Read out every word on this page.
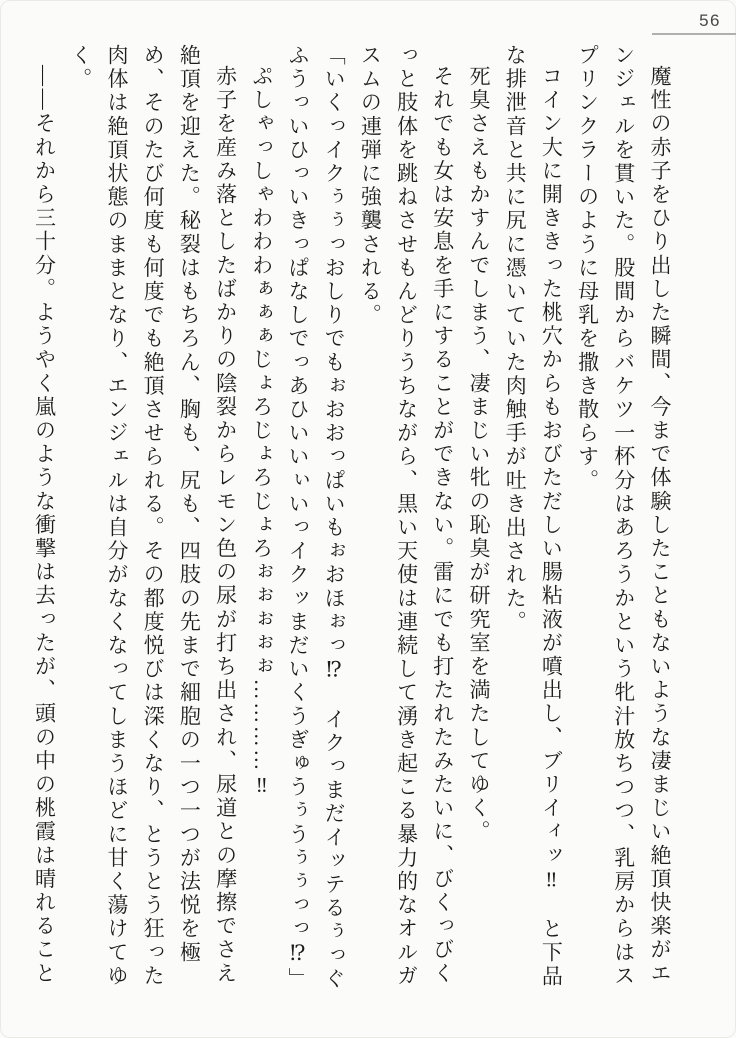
56

魔性の赤子をひり出した瞬間、今まで体験したこともないような凄まじい絶頂快楽がエンジェルを貫いた。股間からバケツ一杯分はあろうかという牝汁放ちつつ、乳房からはスプリンクラーのように母乳を撒き散らす。

コイン大に開ききった桃穴からもおびただしい腸粘液が噴出し、ブリイィッ‼　と下品な排泄音と共に尻に憑いていた肉触手が吐き出された。

死臭さえもかすんでしまう、凄まじい牝の恥臭が研究室を満たしてゆく。

それでも女は安息を手にすることができない。雷にでも打たれたみたいに、びくっびくっと肢体を跳ねさせもんどりうちながら、黒い天使は連続して湧き起こる暴力的なオルガスムの連弾に強襲される。

「いくっイクぅぅっおしりでもぉおおっぱいもぉおほぉっ⁉　イクっまだイッテるぅっぐふうっいひっいきっぱなしでっあひいいぃいっイクッまだいくうぎゅうぅうぅぅっっ⁉」

ぷしゃっしゃわわわぁぁぁじょろじょろじょろぉぉぉぉぉ…………‼

赤子を産み落としたばかりの陰裂からレモン色の尿が打ち出され、尿道との摩擦でさえ絶頂を迎えた。秘裂はもちろん、胸も、尻も、四肢の先まで細胞の一つ一つが法悦を極め、そのたび何度も何度でも絶頂させられる。その都度悦びは深くなり、とうとう狂った肉体は絶頂状態のままとなり、エンジェルは自分がなくなってしまうほどに甘く蕩けてゆく。

――それから三十分。ようやく嵐のような衝撃は去ったが、頭の中の桃霞は晴れること
